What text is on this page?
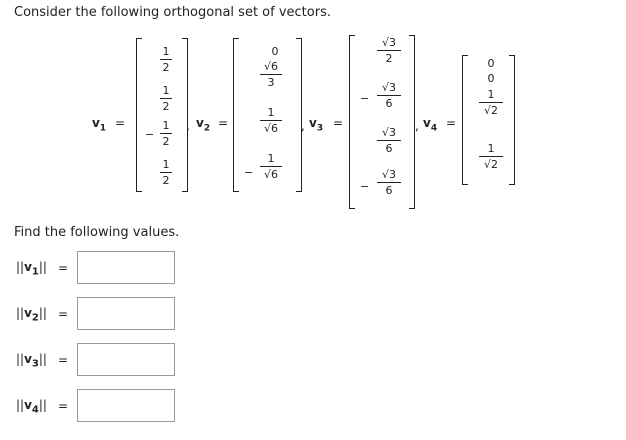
Consider the following orthogonal set of vectors.
$v_1$ =
1
2
1
2
−
1
2
1
2
, $v_2$ =
0
√6
3
1
√6
−
1
√6
, $v_3$ =
√3
2
−
√3
6
√3
6
−
√3
6
, $v_4$ =
0
0
1
√2
1
√2
Find the following values.
$||v_1||$ =
$||v_2||$ =
$||v_3||$ =
$||v_4||$ =
